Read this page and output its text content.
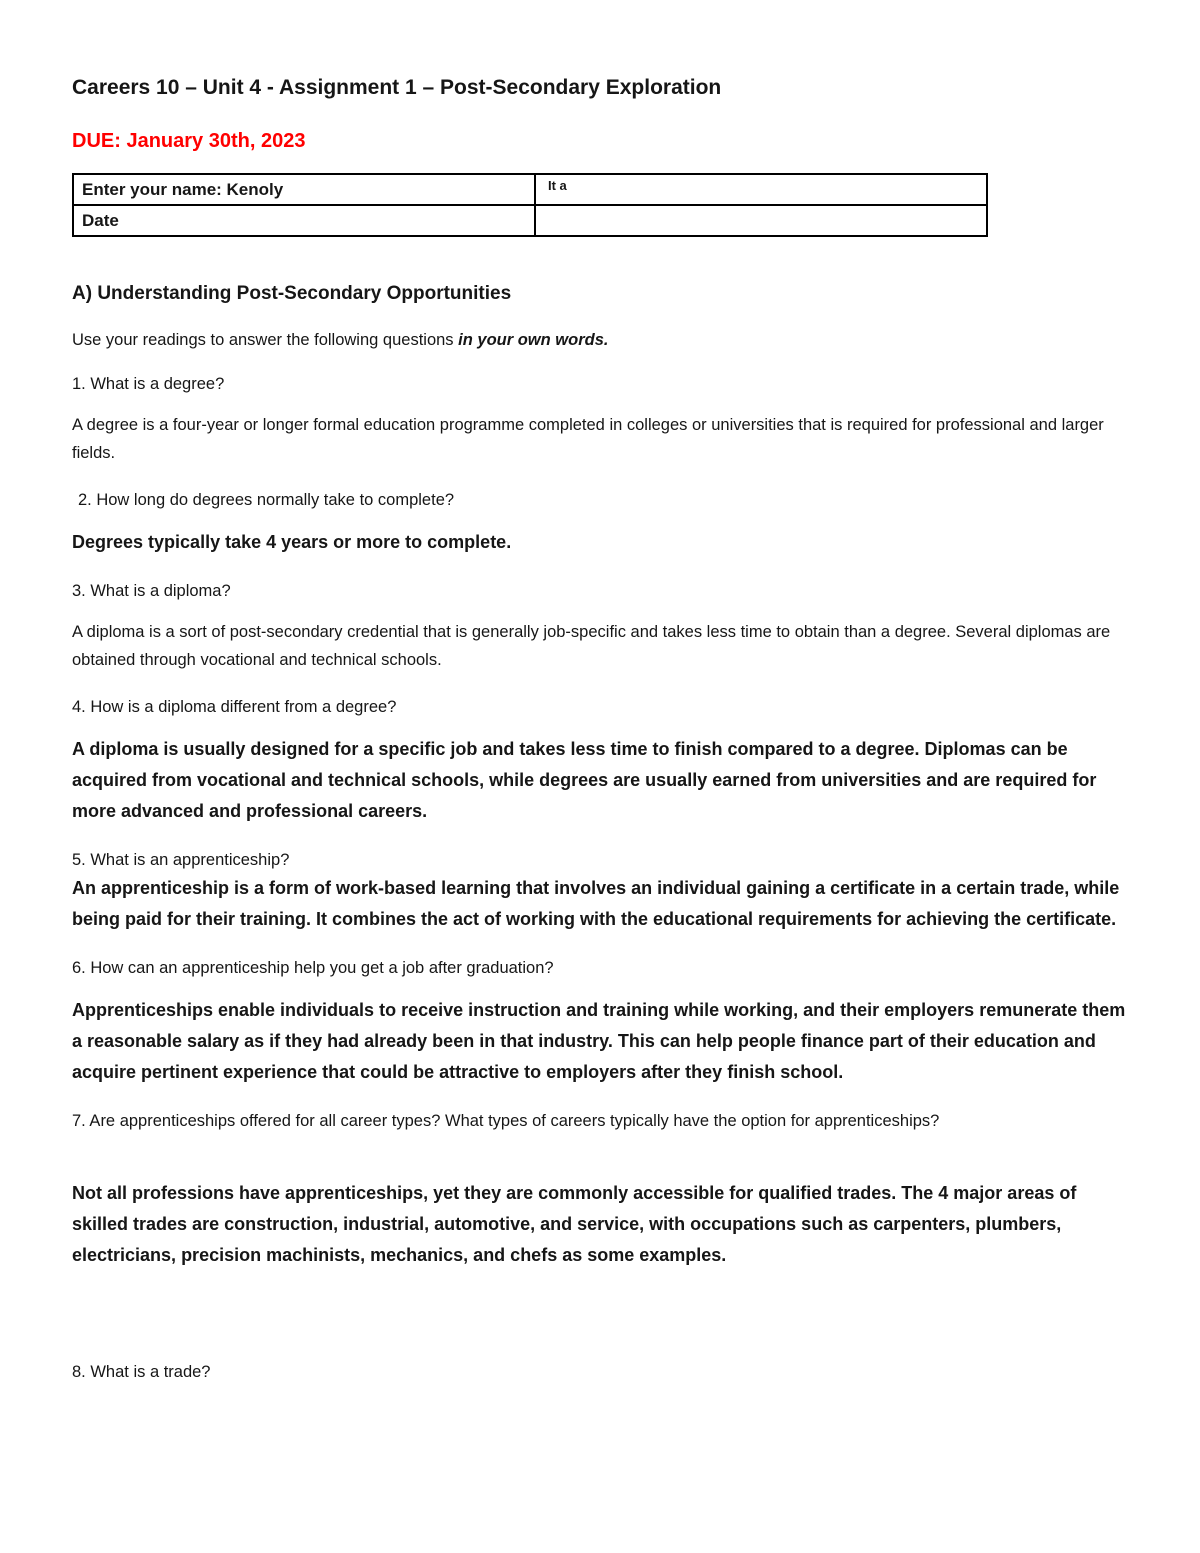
Careers 10 – Unit 4 - Assignment 1 – Post-Secondary Exploration

DUE: January 30th, 2023

Enter your name: Kenoly	It a
Date	
A) Understanding Post-Secondary Opportunities

Use your readings to answer the following questions in your own words.

1. What is a degree?

A degree is a four-year or longer formal education programme completed in colleges or universities that is required for professional and larger fields.

2. How long do degrees normally take to complete?

Degrees typically take 4 years or more to complete.

3. What is a diploma?

A diploma is a sort of post-secondary credential that is generally job-specific and takes less time to obtain than a degree. Several diplomas are obtained through vocational and technical schools.

4. How is a diploma different from a degree?

A diploma is usually designed for a specific job and takes less time to finish compared to a degree. Diplomas can be acquired from vocational and technical schools, while degrees are usually earned from universities and are required for more advanced and professional careers.

5. What is an apprenticeship?

An apprenticeship is a form of work-based learning that involves an individual gaining a certificate in a certain trade, while being paid for their training. It combines the act of working with the educational requirements for achieving the certificate.

6. How can an apprenticeship help you get a job after graduation?

Apprenticeships enable individuals to receive instruction and training while working, and their employers remunerate them a reasonable salary as if they had already been in that industry. This can help people finance part of their education and acquire pertinent experience that could be attractive to employers after they finish school.

7. Are apprenticeships offered for all career types? What types of careers typically have the option for apprenticeships?

Not all professions have apprenticeships, yet they are commonly accessible for qualified trades. The 4 major areas of skilled trades are construction, industrial, automotive, and service, with occupations such as carpenters, plumbers, electricians, precision machinists, mechanics, and chefs as some examples.

8. What is a trade?
